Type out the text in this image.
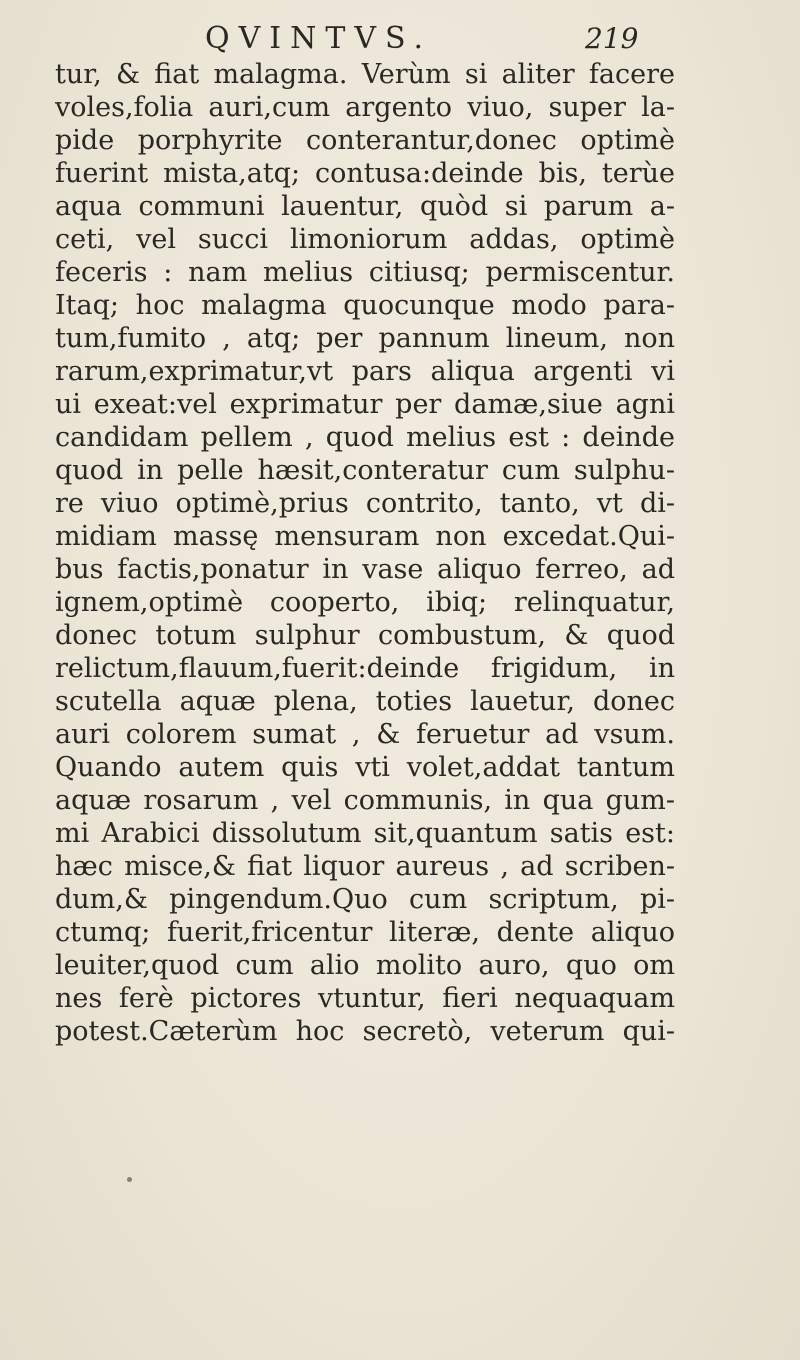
QVINTVS.	219
tur, & fiat malagma. Verùm si aliter facere
voles,folia auri,cum argento viuo, super la-
pide porphyrite conterantur,donec optimè
fuerint mista,atq; contusa:deinde bis, terùe
aqua communi lauentur, quòd si parum a-
ceti, vel succi limoniorum addas, optimè
feceris : nam melius citiusq; permiscentur.
Itaq; hoc malagma quocunque modo para-
tum,fumito , atq; per pannum lineum, non
rarum,exprimatur,vt pars aliqua argenti vi
ui exeat:vel exprimatur per damæ,siue agni
candidam pellem , quod melius est : deinde
quod in pelle hæsit,conteratur cum sulphu-
re viuo optimè,prius contrito, tanto, vt di-
midiam massę mensuram non excedat.Qui-
bus factis,ponatur in vase aliquo ferreo, ad
ignem,optimè cooperto, ibiq; relinquatur,
donec totum sulphur combustum, & quod
relictum,flauum,fuerit:deinde frigidum, in
scutella aquæ plena, toties lauetur, donec
auri colorem sumat , & feruetur ad vsum.
Quando autem quis vti volet,addat tantum
aquæ rosarum , vel communis, in qua gum-
mi Arabici dissolutum sit,quantum satis est:
hæc misce,& fiat liquor aureus , ad scriben-
dum,& pingendum.Quo cum scriptum, pi-
ctumq; fuerit,fricentur literæ, dente aliquo
leuiter,quod cum alio molito auro, quo om
nes ferè pictores vtuntur, fieri nequaquam
potest.Cæterùm hoc secretò, veterum qui-
